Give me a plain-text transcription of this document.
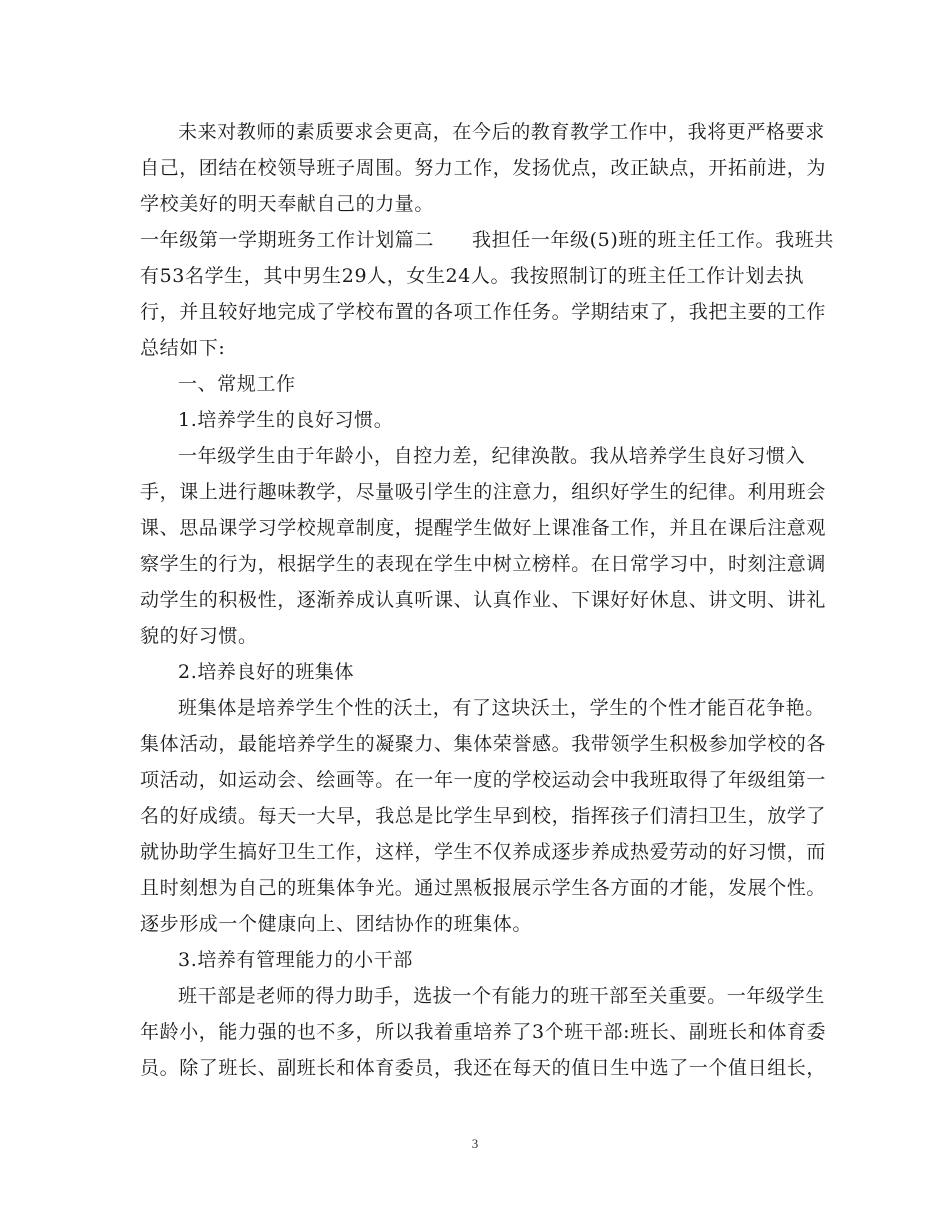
未来对教师的素质要求会更高，在今后的教育教学工作中，我将更严格要求
自己，团结在校领导班子周围。努力工作，发扬优点，改正缺点，开拓前进，为
学校美好的明天奉献自己的力量。
一年级第一学期班务工作计划篇二 我担任一年级(5)班的班主任工作。我班共
有53名学生，其中男生29人，女生24人。我按照制订的班主任工作计划去执
行，并且较好地完成了学校布置的各项工作任务。学期结束了，我把主要的工作
总结如下:
一、常规工作
1.培养学生的良好习惯。
一年级学生由于年龄小，自控力差，纪律涣散。我从培养学生良好习惯入
手，课上进行趣味教学，尽量吸引学生的注意力，组织好学生的纪律。利用班会
课、思品课学习学校规章制度，提醒学生做好上课准备工作，并且在课后注意观
察学生的行为，根据学生的表现在学生中树立榜样。在日常学习中，时刻注意调
动学生的积极性，逐渐养成认真听课、认真作业、下课好好休息、讲文明、讲礼
貌的好习惯。
2.培养良好的班集体
班集体是培养学生个性的沃土，有了这块沃土，学生的个性才能百花争艳。
集体活动，最能培养学生的凝聚力、集体荣誉感。我带领学生积极参加学校的各
项活动，如运动会、绘画等。在一年一度的学校运动会中我班取得了年级组第一
名的好成绩。每天一大早，我总是比学生早到校，指挥孩子们清扫卫生，放学了
就协助学生搞好卫生工作，这样，学生不仅养成逐步养成热爱劳动的好习惯，而
且时刻想为自己的班集体争光。通过黑板报展示学生各方面的才能，发展个性。
逐步形成一个健康向上、团结协作的班集体。
3.培养有管理能力的小干部
班干部是老师的得力助手，选拔一个有能力的班干部至关重要。一年级学生
年龄小，能力强的也不多，所以我着重培养了3个班干部:班长、副班长和体育委
员。除了班长、副班长和体育委员，我还在每天的值日生中选了一个值日组长，
3
